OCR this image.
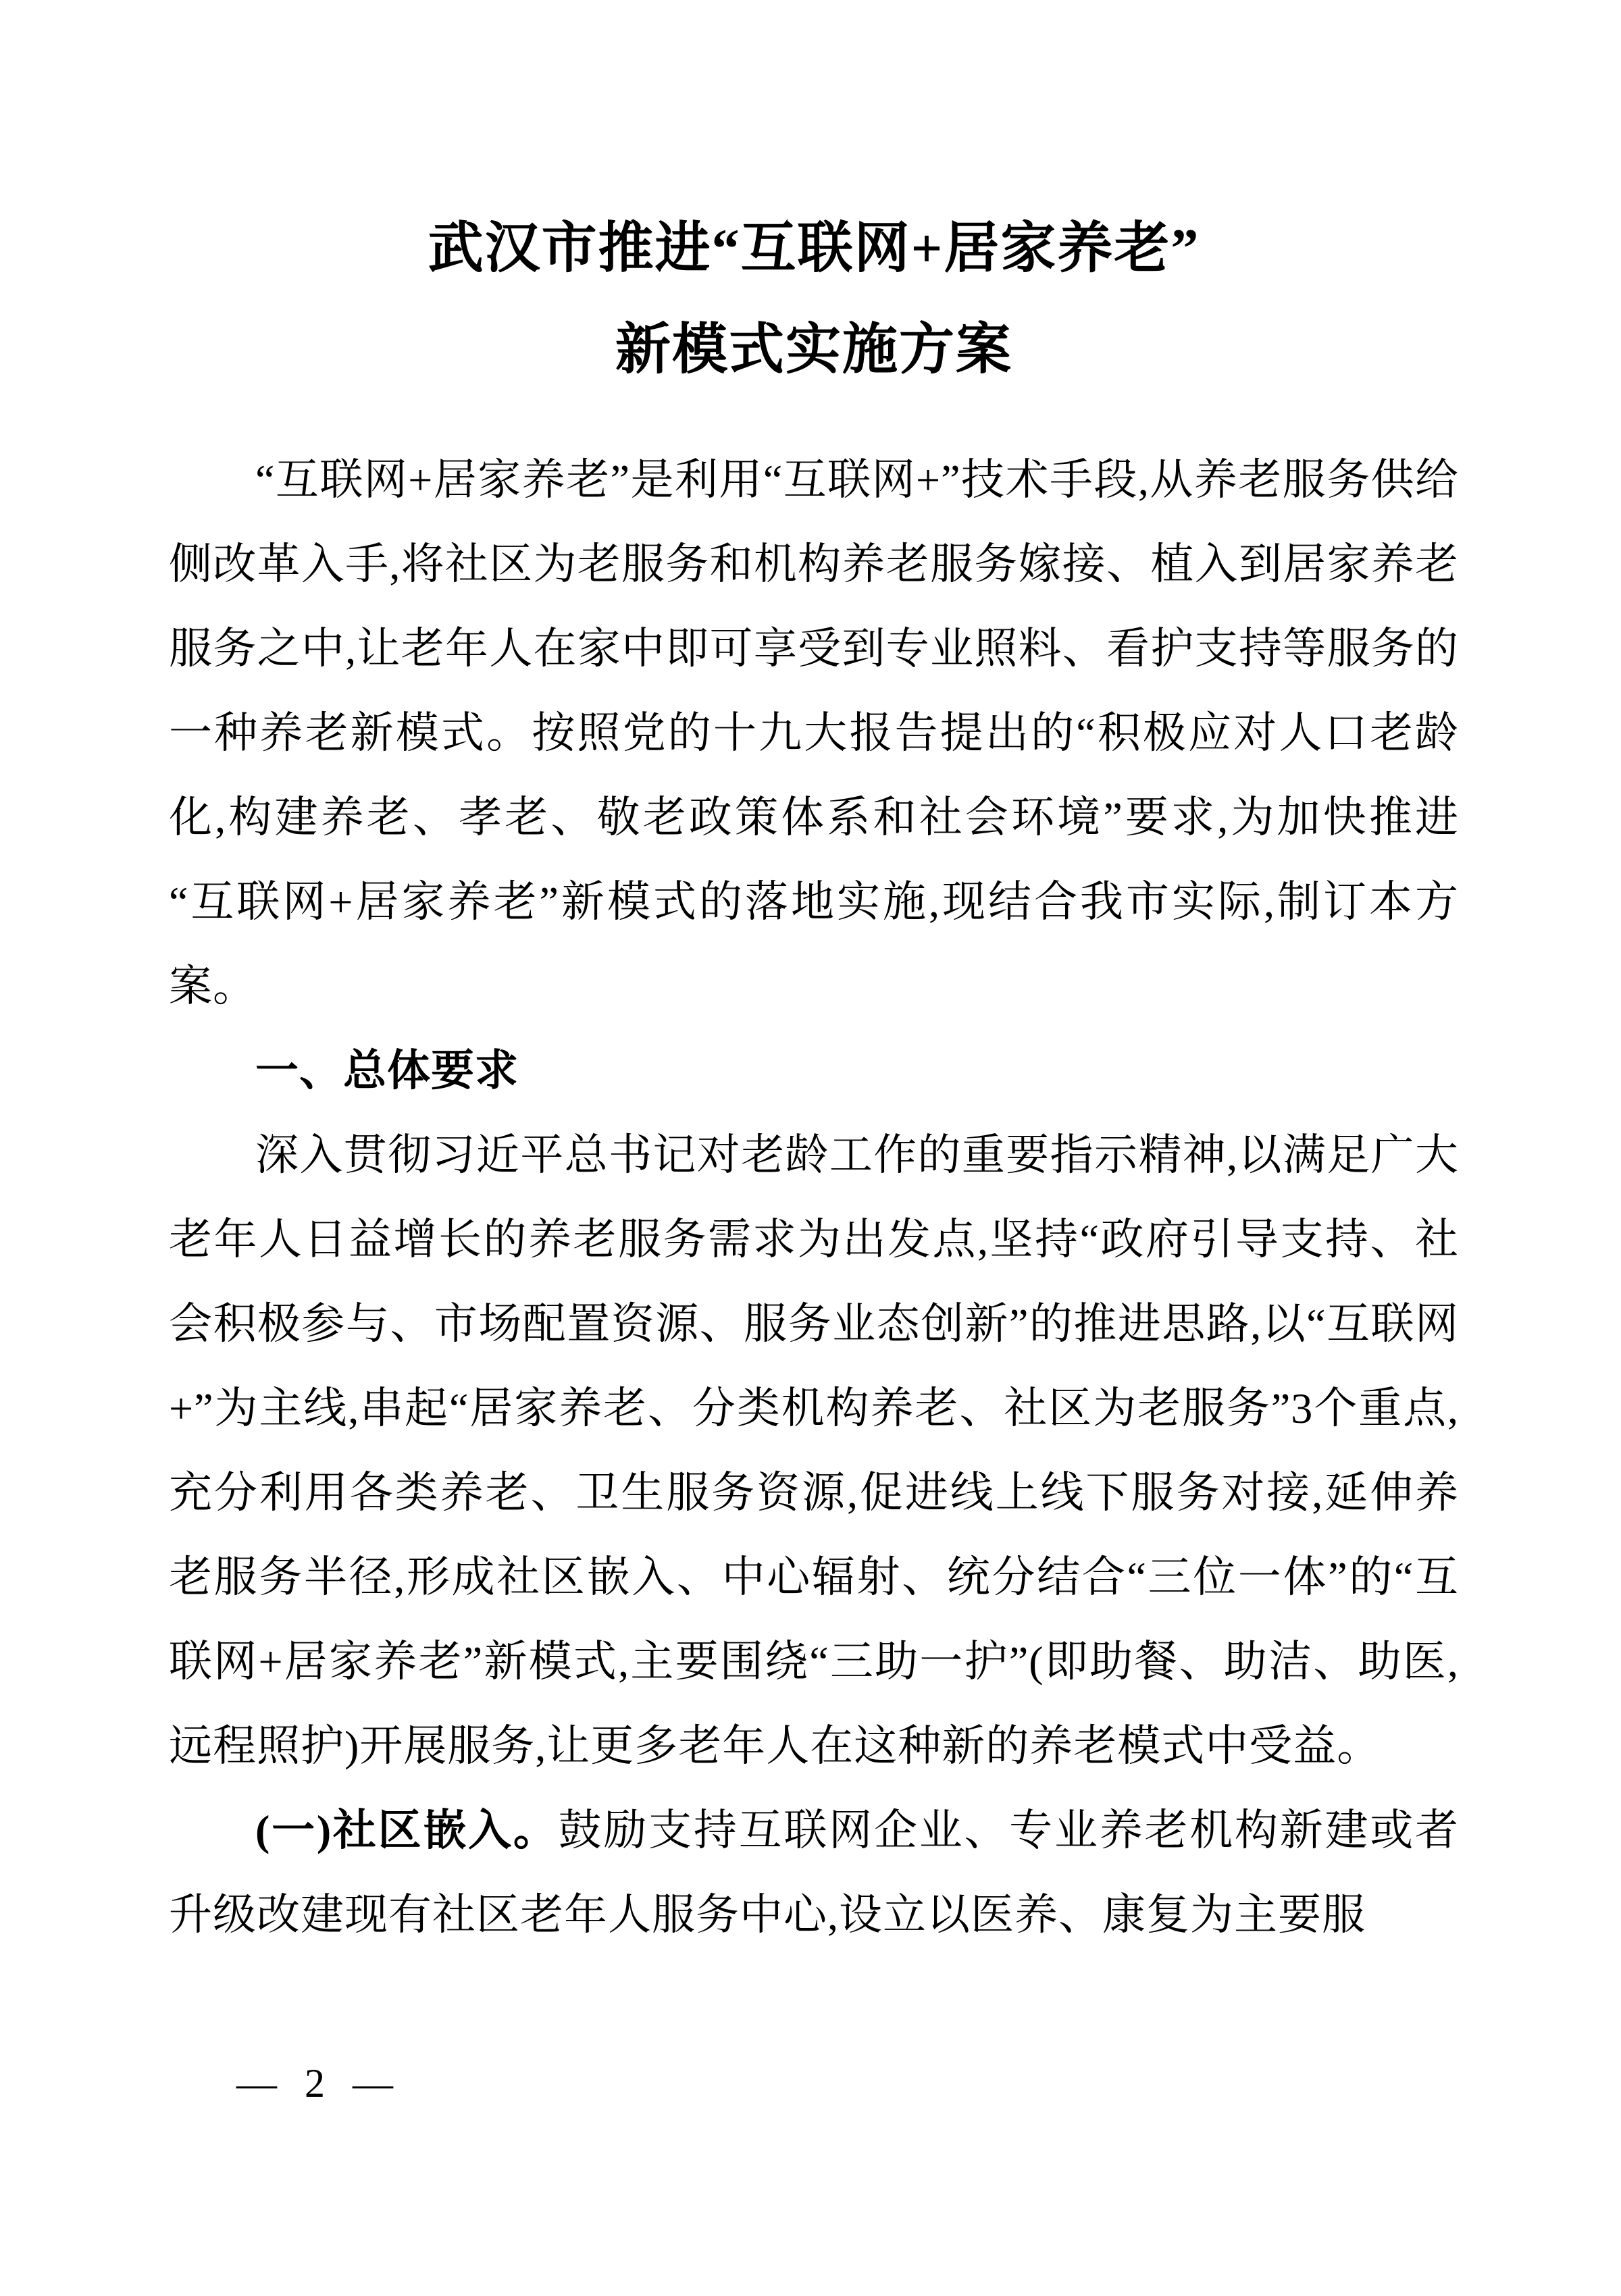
武汉市推进“互联网+居家养老”
新模式实施方案

“互联网+居家养老”是利用“互联网+”技术手段,从养老服务供给侧改革入手,将社区为老服务和机构养老服务嫁接、植入到居家养老服务之中,让老年人在家中即可享受到专业照料、看护支持等服务的一种养老新模式。按照党的十九大报告提出的“积极应对人口老龄化,构建养老、孝老、敬老政策体系和社会环境”要求,为加快推进“互联网+居家养老”新模式的落地实施,现结合我市实际,制订本方案。

一、总体要求

深入贯彻习近平总书记对老龄工作的重要指示精神,以满足广大老年人日益增长的养老服务需求为出发点,坚持“政府引导支持、社会积极参与、市场配置资源、服务业态创新”的推进思路,以“互联网+”为主线,串起“居家养老、分类机构养老、社区为老服务”3个重点,充分利用各类养老、卫生服务资源,促进线上线下服务对接,延伸养老服务半径,形成社区嵌入、中心辐射、统分结合“三位一体”的“互联网+居家养老”新模式,主要围绕“三助一护”(即助餐、助洁、助医,远程照护)开展服务,让更多老年人在这种新的养老模式中受益。

(一)社区嵌入。鼓励支持互联网企业、专业养老机构新建或者升级改建现有社区老年人服务中心,设立以医养、康复为主要服

— 2 —
